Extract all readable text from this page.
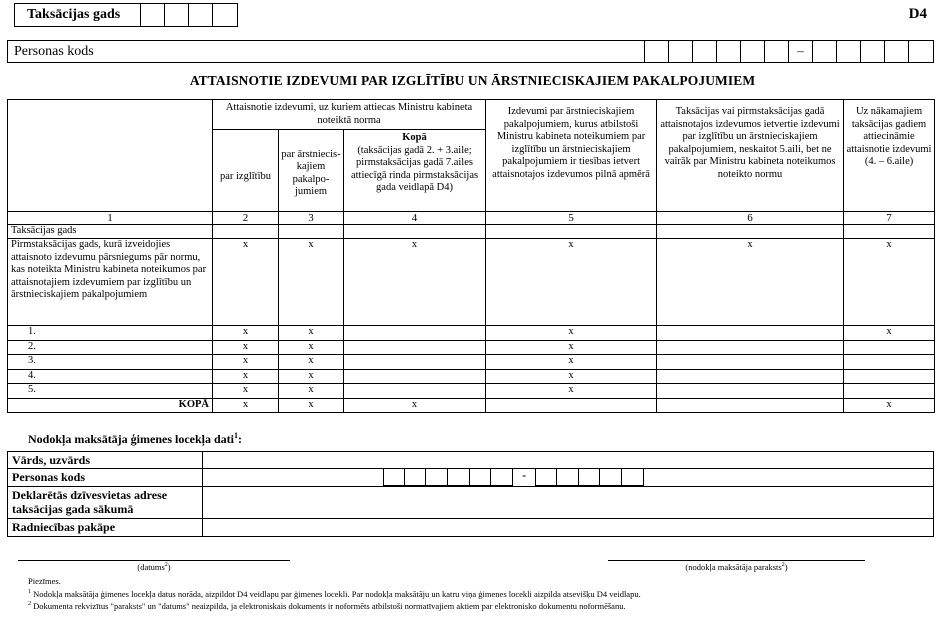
Taksācijas gads	D4
Personas kods	–
ATTAISNOTIE IZDEVUMI PAR IZGLĪTĪBU UN ĀRSTNIECISKAJIEM PAKALPOJUMIEM
	Attaisnotie izdevumi, uz kuriem attiecas Ministru kabineta noteiktā norma			Izdevumi par ārstnieciskajiem pakalpojumiem, kurus atbilstoši Ministru kabineta noteikumiem par izglītību un ārstnieciskajiem pakalpojumiem ir tiesības ietvert attaisnotajos izdevumos pilnā apmērā	Taksācijas vai pirmstaksācijas gadā attaisnotajos izdevumos ietvertie izdevumi par izglītību un ārstnieciskajiem pakalpojumiem, neskaitot 5.aili, bet ne vairāk par Ministru kabineta noteikumos noteikto normu	Uz nākamajiem taksācijas gadiem attiecināmie attaisnotie izdevumi (4. – 6.aile)
	par izglītību	par ārstniecis-kajiem pakalpo-jumiem	Kopā
(taksācijas gadā 2. + 3.aile; pirmstaksācijas gadā 7.ailes attiecīgā rinda pirmstaksācijas gada veidlapā D4)			
1	2	3	4	5	6	7
Taksācijas gads						
Pirmstaksācijas gads, kurā izveidojies attaisnoto izdevumu pārsniegums pār normu, kas noteikta Ministru kabineta noteikumos par attaisnotajiem izdevumiem par izglītību un ārstnieciskajiem pakalpojumiem	x	x	x	x	x	x
1.	x	x		x		x
2.	x	x		x		
3.	x	x		x		
4.	x	x		x		
5.	x	x		x		
KOPĀ	x	x	x			x
Nodokļa maksātāja ģimenes locekļa dati$^1$:
Vārds, uzvārds	
Personas kods	-

Deklarētās dzīvesvietas adrese taksācijas gada sākumā	
Radniecības pakāpe	
(datums$^2$)	(nodokļa maksātāja paraksts$^2$)
Piezīmes.
$^1$ Nodokļa maksātāja ģimenes locekļa datus norāda, aizpildot D4 veidlapu par ģimenes locekli. Par nodokļa maksātāju un katru viņa ģimenes locekli aizpilda atsevišķu D4 veidlapu.
$^2$ Dokumenta rekvizītus "paraksts" un "datums" neaizpilda, ja elektroniskais dokuments ir noformēts atbilstoši normatīvajiem aktiem par elektronisko dokumentu noformēšanu.
